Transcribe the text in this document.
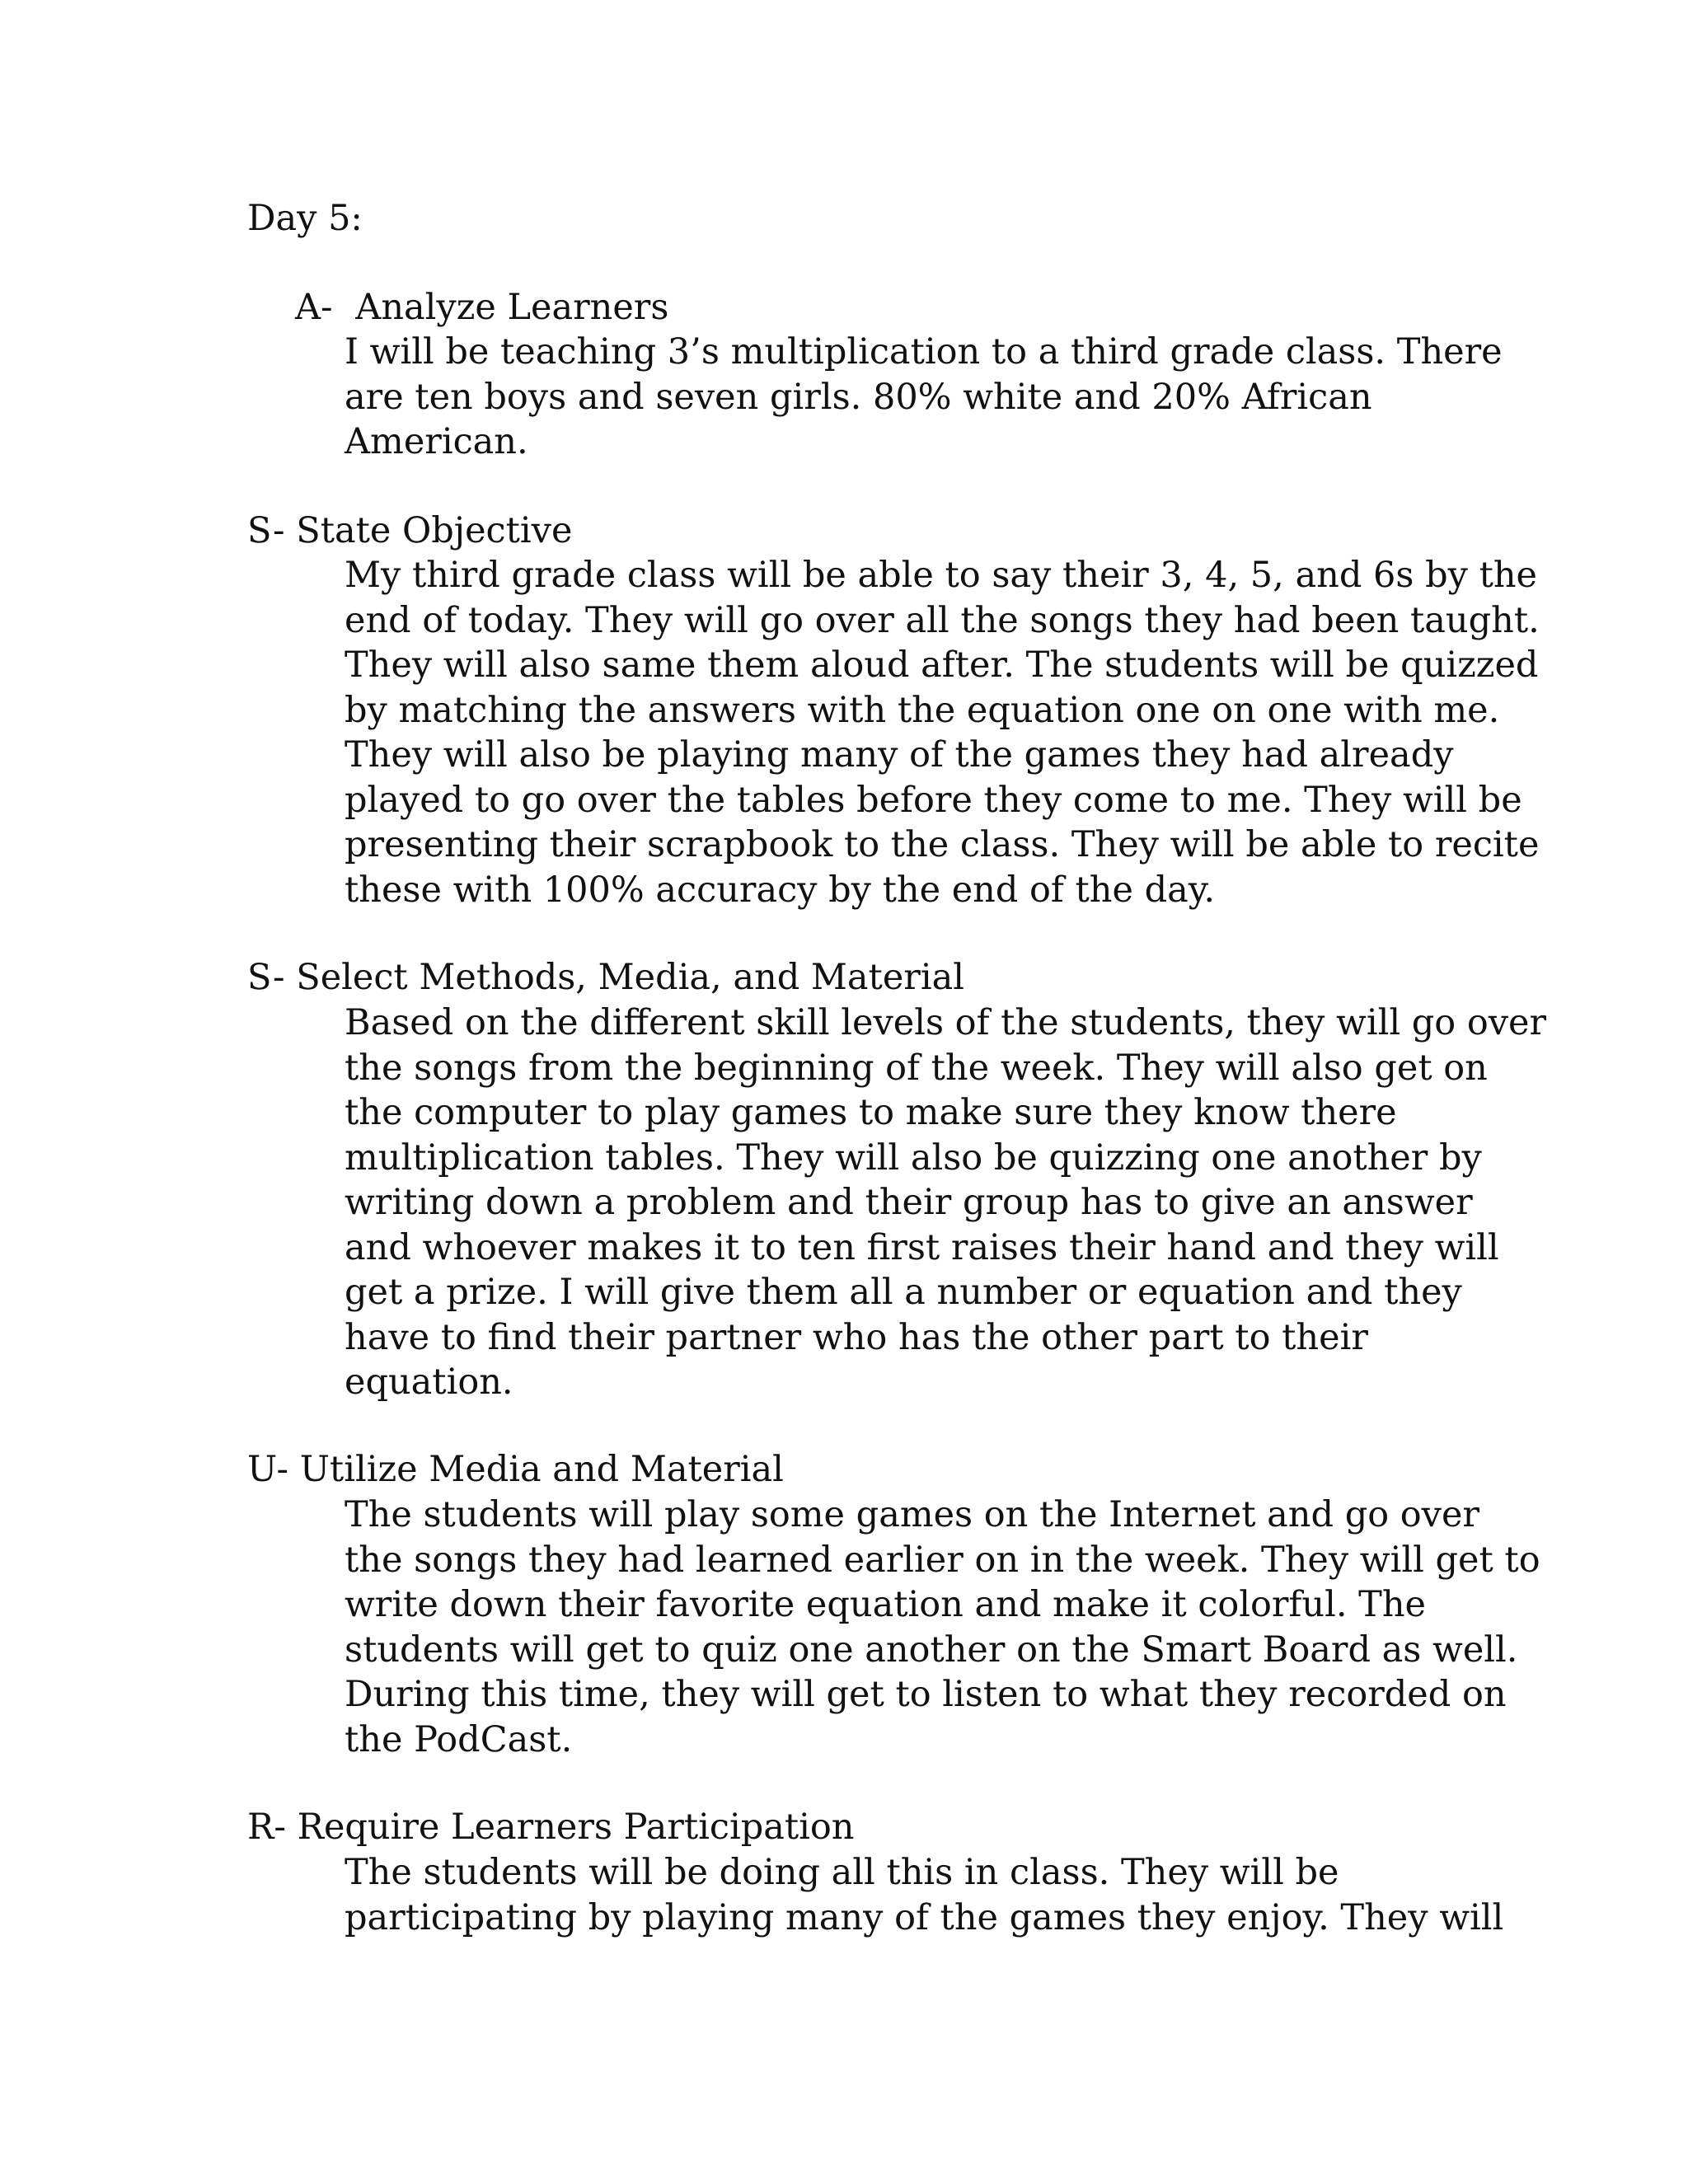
Day 5:
A- Analyze Learners
I will be teaching 3’s multiplication to a third grade class. There
are ten boys and seven girls. 80% white and 20% African
American.
S- State Objective
My third grade class will be able to say their 3, 4, 5, and 6s by the
end of today. They will go over all the songs they had been taught.
They will also same them aloud after. The students will be quizzed
by matching the answers with the equation one on one with me.
They will also be playing many of the games they had already
played to go over the tables before they come to me. They will be
presenting their scrapbook to the class. They will be able to recite
these with 100% accuracy by the end of the day.
S- Select Methods, Media, and Material
Based on the different skill levels of the students, they will go over
the songs from the beginning of the week. They will also get on
the computer to play games to make sure they know there
multiplication tables. They will also be quizzing one another by
writing down a problem and their group has to give an answer
and whoever makes it to ten first raises their hand and they will
get a prize. I will give them all a number or equation and they
have to find their partner who has the other part to their
equation.
U- Utilize Media and Material
The students will play some games on the Internet and go over
the songs they had learned earlier on in the week. They will get to
write down their favorite equation and make it colorful. The
students will get to quiz one another on the Smart Board as well.
During this time, they will get to listen to what they recorded on
the PodCast.
R- Require Learners Participation
The students will be doing all this in class. They will be
participating by playing many of the games they enjoy. They will
